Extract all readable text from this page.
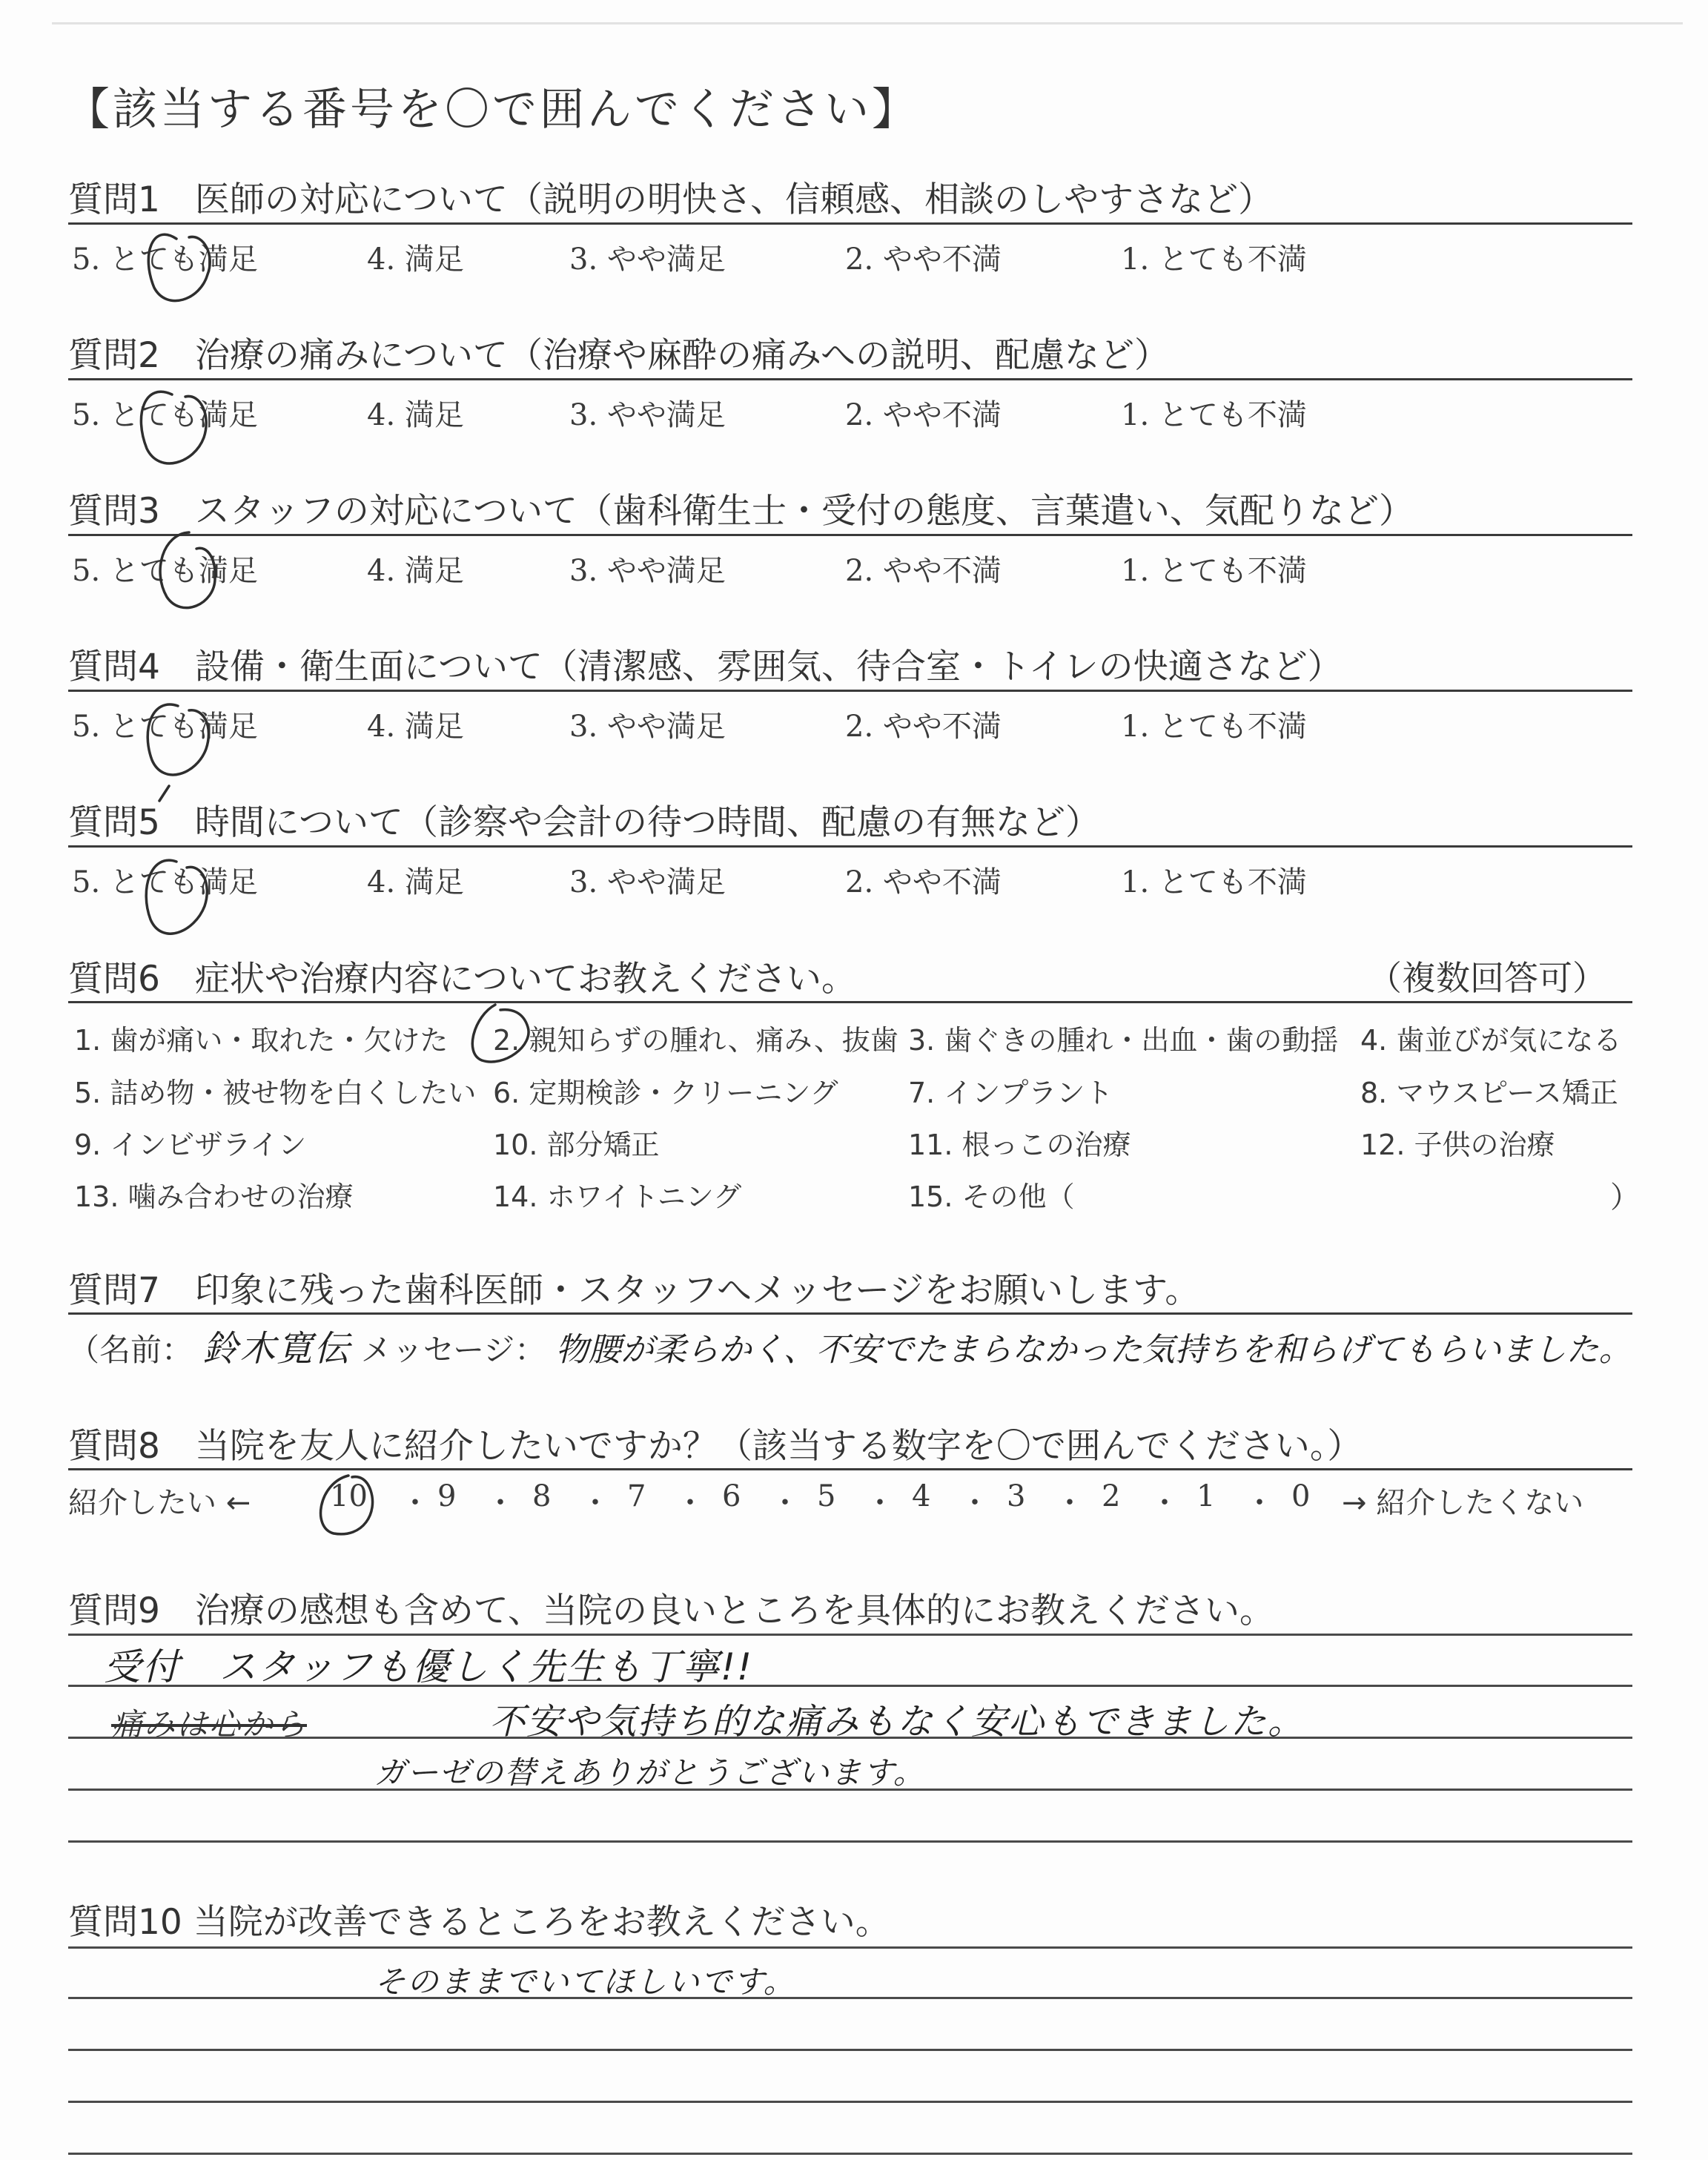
【該当する番号を〇で囲んでください】
質問1　医師の対応について（説明の明快さ、信頼感、相談のしやすさなど）
5. とても満足	4. 満足	3. やや満足	2. やや不満	1. とても不満
質問2　治療の痛みについて（治療や麻酔の痛みへの説明、配慮など）
5. とても満足	4. 満足	3. やや満足	2. やや不満	1. とても不満
質問3　スタッフの対応について（歯科衛生士・受付の態度、言葉遣い、気配りなど）
5. とても満足	4. 満足	3. やや満足	2. やや不満	1. とても不満
質問4　設備・衛生面について（清潔感、雰囲気、待合室・トイレの快適さなど）
5. とても満足	4. 満足	3. やや満足	2. やや不満	1. とても不満
質問5　時間について（診察や会計の待つ時間、配慮の有無など）
5. とても満足	4. 満足	3. やや満足	2. やや不満	1. とても不満
質問6　症状や治療内容についてお教えください。	（複数回答可）
1. 歯が痛い・取れた・欠けた 2. 親知らずの腫れ、痛み、抜歯 3. 歯ぐきの腫れ・出血・歯の動揺 4. 歯並びが気になる
5. 詰め物・被せ物を白くしたい 6. 定期検診・クリーニング 7. インプラント	8. マウスピース矯正
9. インビザライン	10. 部分矯正	11. 根っこの治療	12. 子供の治療
13. 噛み合わせの治療	14. ホワイトニング	15. その他（	）
質問7　印象に残った歯科医師・スタッフへメッセージをお願いします。
（名前： 鈴木寛伝 メッセージ： 物腰が柔らかく、不安でたまらなかった気持ちを和らげてもらいました。
質問8　当院を友人に紹介したいですか？（該当する数字を〇で囲んでください。）
紹介したい ←	10 ・ 9 ・ 8 ・ 7 ・ 6 ・ 5 ・ 4 ・ 3 ・ 2 ・ 1 ・ 0 → 紹介したくない
質問9　治療の感想も含めて、当院の良いところを具体的にお教えください。
受付　スタッフも優しく先生も丁寧!!
痛みは心から	不安や気持ち的な痛みもなく安心もできました。
ガーゼの替えありがとうございます。
質問10 当院が改善できるところをお教えください。
そのままでいてほしいです。
